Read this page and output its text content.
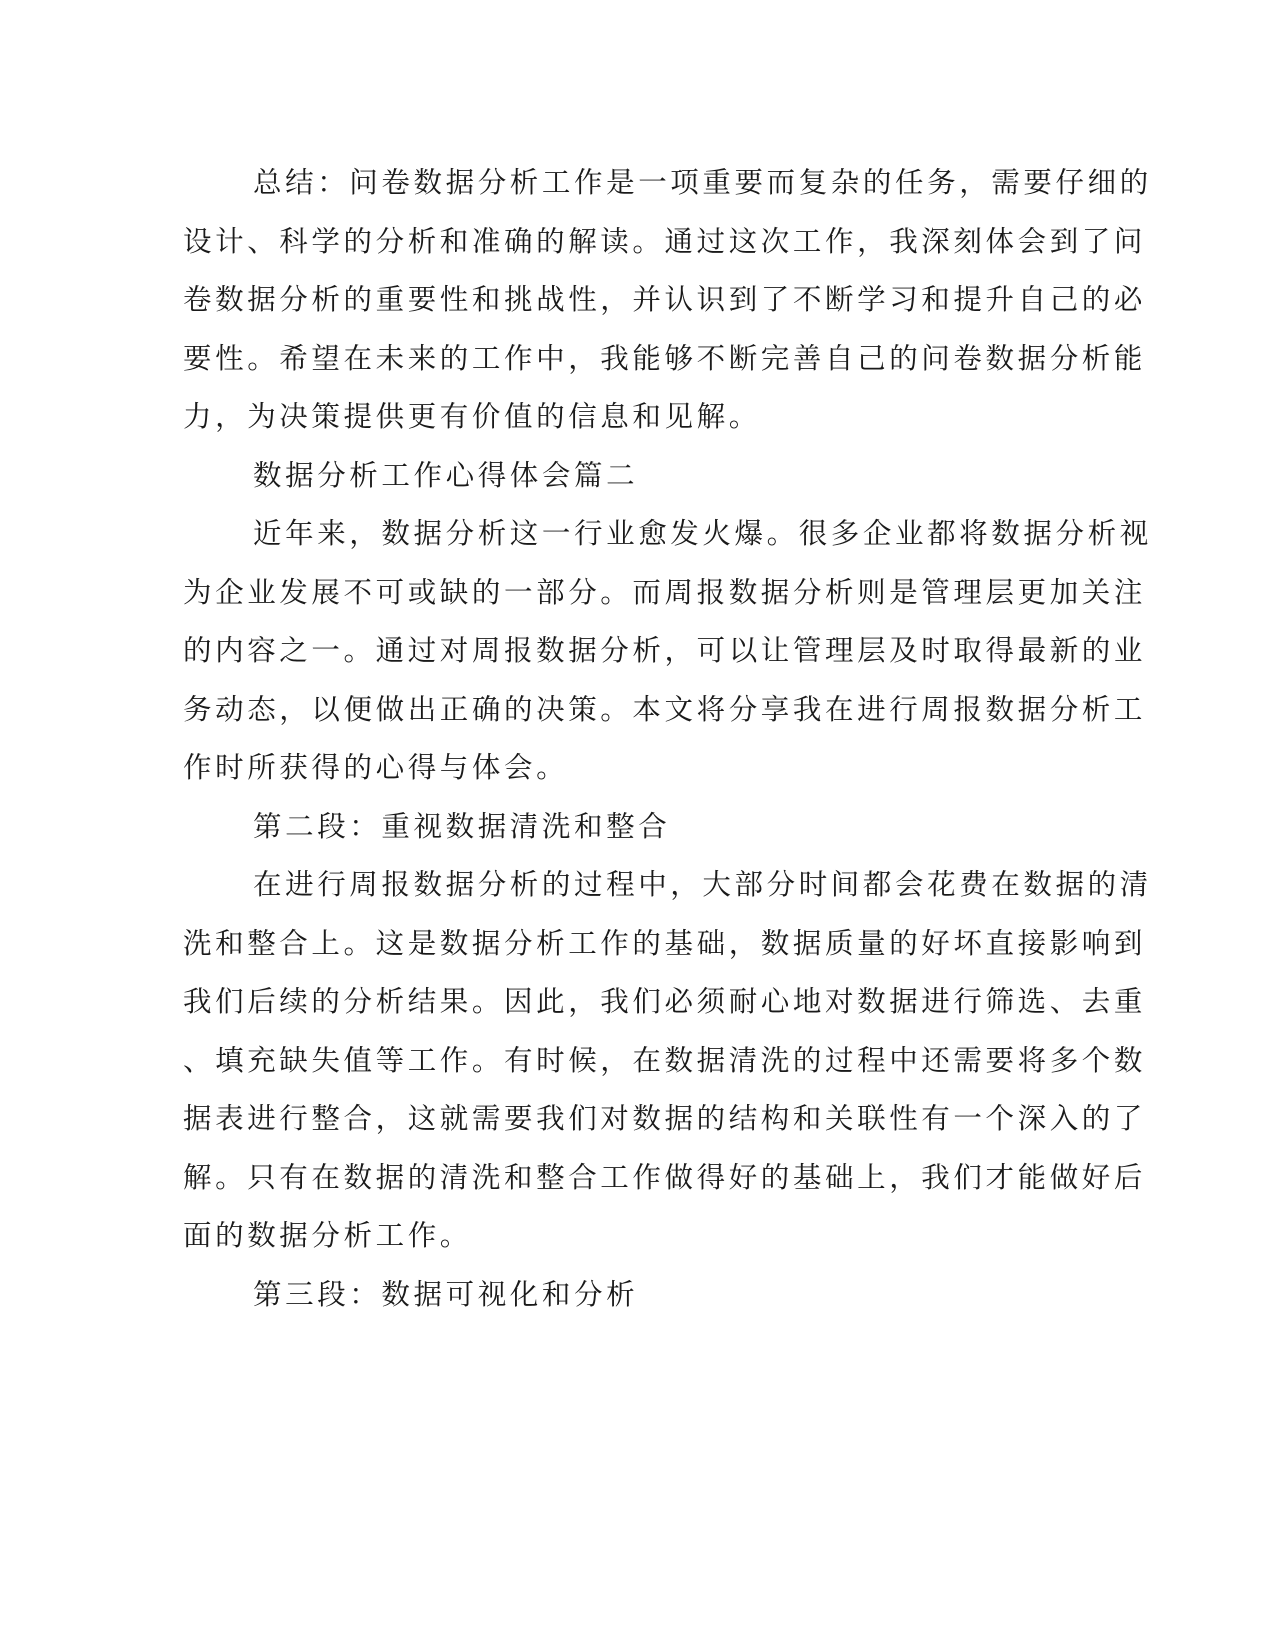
总结：问卷数据分析工作是一项重要而复杂的任务，需要仔细的
设计、科学的分析和准确的解读。通过这次工作，我深刻体会到了问
卷数据分析的重要性和挑战性，并认识到了不断学习和提升自己的必
要性。希望在未来的工作中，我能够不断完善自己的问卷数据分析能
力，为决策提供更有价值的信息和见解。
数据分析工作心得体会篇二
近年来，数据分析这一行业愈发火爆。很多企业都将数据分析视
为企业发展不可或缺的一部分。而周报数据分析则是管理层更加关注
的内容之一。通过对周报数据分析，可以让管理层及时取得最新的业
务动态，以便做出正确的决策。本文将分享我在进行周报数据分析工
作时所获得的心得与体会。
第二段：重视数据清洗和整合
在进行周报数据分析的过程中，大部分时间都会花费在数据的清
洗和整合上。这是数据分析工作的基础，数据质量的好坏直接影响到
我们后续的分析结果。因此，我们必须耐心地对数据进行筛选、去重
、填充缺失值等工作。有时候，在数据清洗的过程中还需要将多个数
据表进行整合，这就需要我们对数据的结构和关联性有一个深入的了
解。只有在数据的清洗和整合工作做得好的基础上，我们才能做好后
面的数据分析工作。
第三段：数据可视化和分析
